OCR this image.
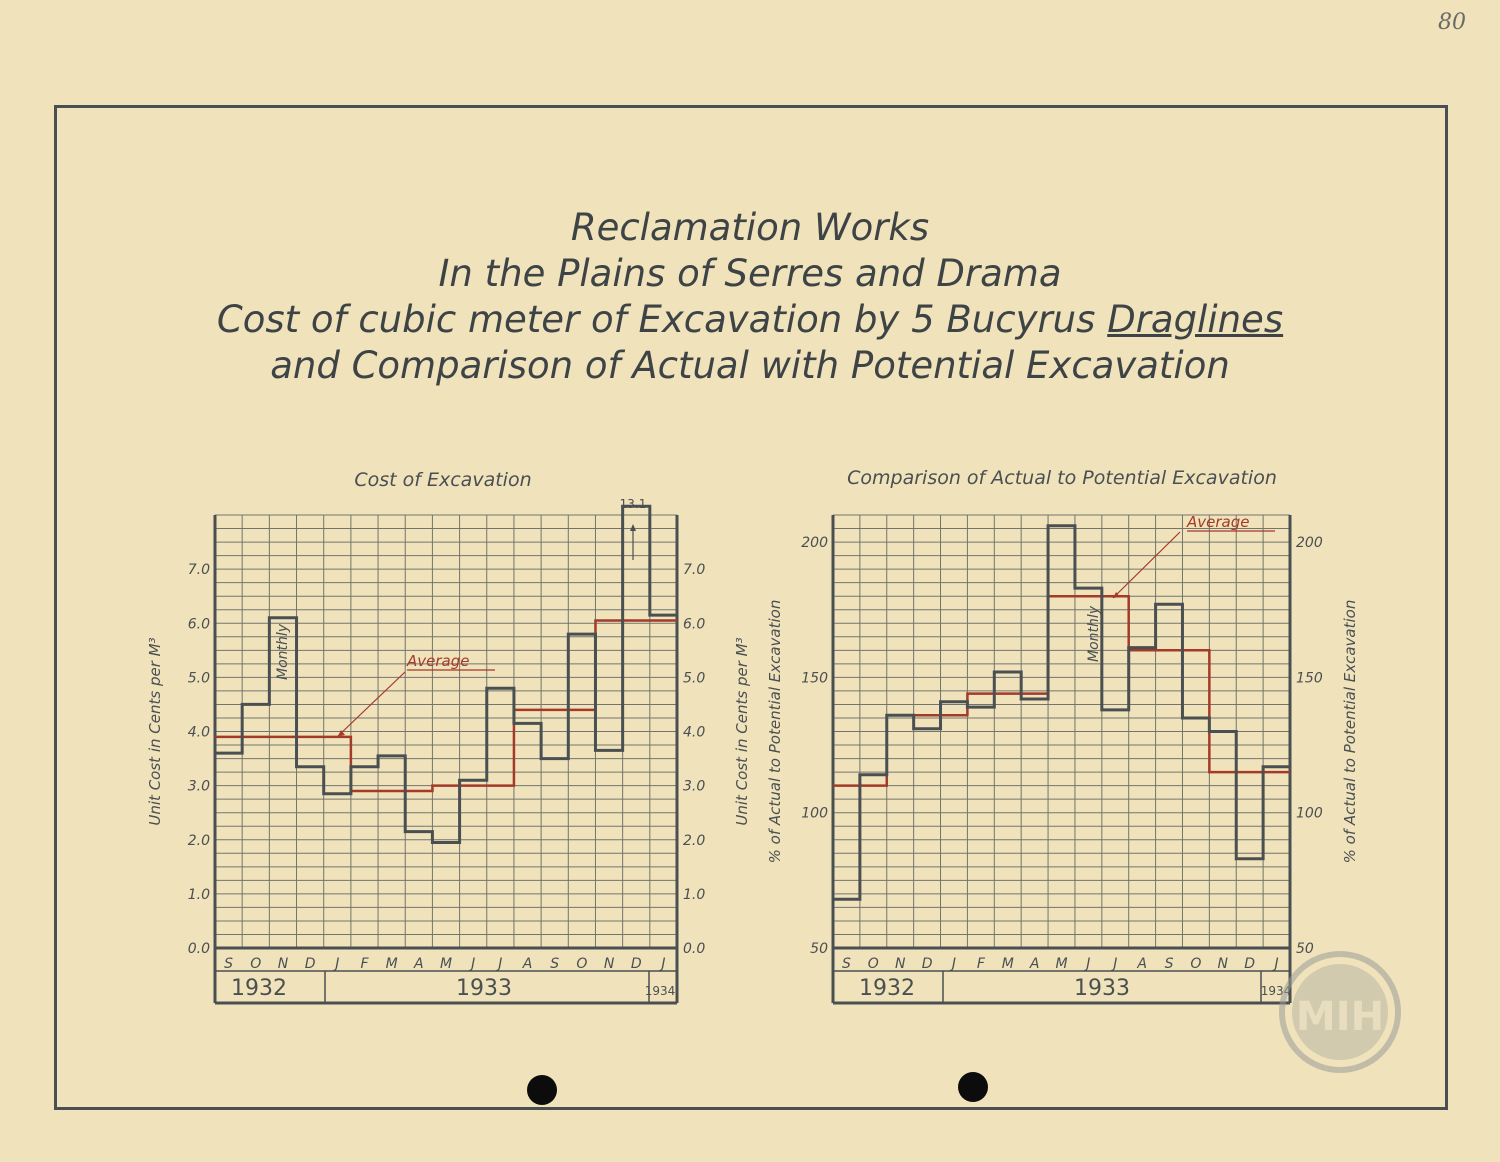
80
Reclamation Works
In the Plains of Serres and Drama
Cost of cubic meter of Excavation by 5 Bucyrus Draglines
and Comparison of Actual with Potential Excavation
Cost of Excavation
S O N D J F M A M J J A S O N D J
1932	1933	1934
0.0	0.0
1.0	1.0
2.0	2.0
3.0	3.0
4.0	4.0
5.0	5.0
6.0	6.0
7.0	7.0
Unit Cost in Cents per M³	Unit Cost in Cents per M³
Monthly	Average
13.1
Comparison of Actual to Potential Excavation
S O N D J F M A M J J A S O N D J
1932	1933	1934
50	50
100	100
150	150
200	200
% of Actual to Potential Excavation	% of Actual to Potential Excavation
Monthly
Average
ΜΙΗ
